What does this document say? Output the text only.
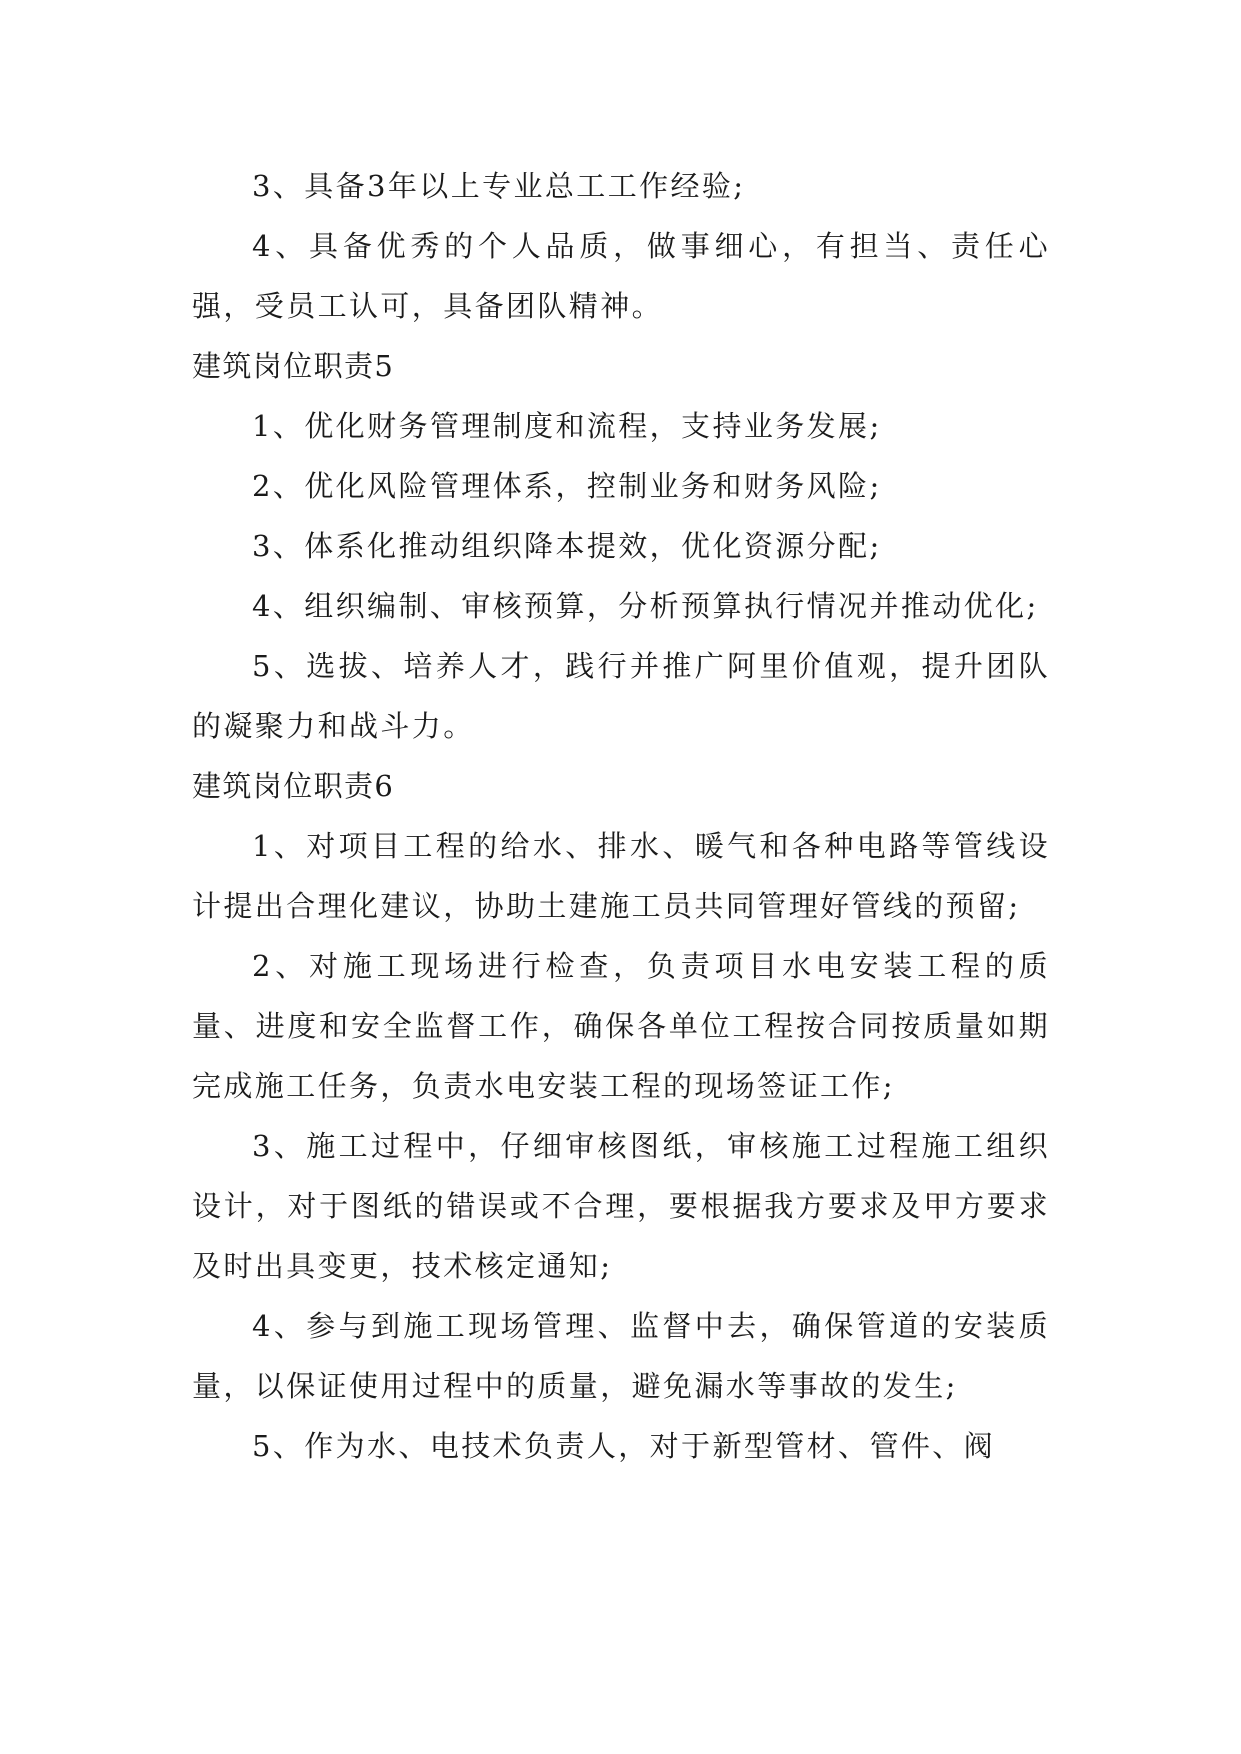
3、具备3年以上专业总工工作经验;

4、具备优秀的个人品质，做事细心，有担当、责任心强，受员工认可，具备团队精神。

建筑岗位职责5

1、优化财务管理制度和流程，支持业务发展;

2、优化风险管理体系，控制业务和财务风险;

3、体系化推动组织降本提效，优化资源分配;

4、组织编制、审核预算，分析预算执行情况并推动优化;

5、选拔、培养人才，践行并推广阿里价值观，提升团队的凝聚力和战斗力。

建筑岗位职责6

1、对项目工程的给水、排水、暖气和各种电路等管线设计提出合理化建议，协助土建施工员共同管理好管线的预留;

2、对施工现场进行检查，负责项目水电安装工程的质量、进度和安全监督工作，确保各单位工程按合同按质量如期完成施工任务，负责水电安装工程的现场签证工作;

3、施工过程中，仔细审核图纸，审核施工过程施工组织设计，对于图纸的错误或不合理，要根据我方要求及甲方要求及时出具变更，技术核定通知;

4、参与到施工现场管理、监督中去，确保管道的安装质量，以保证使用过程中的质量，避免漏水等事故的发生;

5、作为水、电技术负责人，对于新型管材、管件、阀
